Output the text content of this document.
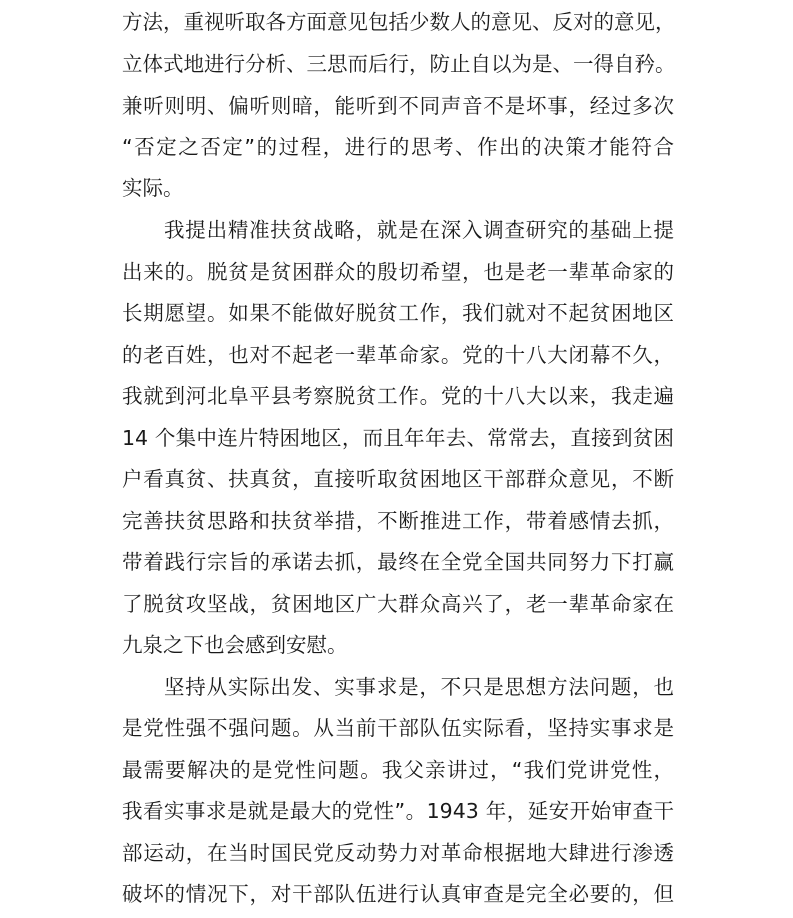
方法，重视听取各方面意见包括少数人的意见、反对的意见，
立体式地进行分析、三思而后行，防止自以为是、一得自矜。
兼听则明、偏听则暗，能听到不同声音不是坏事，经过多次
“否定之否定”的过程，进行的思考、作出的决策才能符合
实际。
我提出精准扶贫战略，就是在深入调查研究的基础上提
出来的。脱贫是贫困群众的殷切希望，也是老一辈革命家的
长期愿望。如果不能做好脱贫工作，我们就对不起贫困地区
的老百姓，也对不起老一辈革命家。党的十八大闭幕不久，
我就到河北阜平县考察脱贫工作。党的十八大以来，我走遍
14 个集中连片特困地区，而且年年去、常常去，直接到贫困
户看真贫、扶真贫，直接听取贫困地区干部群众意见，不断
完善扶贫思路和扶贫举措，不断推进工作，带着感情去抓，
带着践行宗旨的承诺去抓，最终在全党全国共同努力下打赢
了脱贫攻坚战，贫困地区广大群众高兴了，老一辈革命家在
九泉之下也会感到安慰。
坚持从实际出发、实事求是，不只是思想方法问题，也
是党性强不强问题。从当前干部队伍实际看，坚持实事求是
最需要解决的是党性问题。我父亲讲过，“我们党讲党性，
我看实事求是就是最大的党性”。1943 年，延安开始审查干
部运动，在当时国民党反动势力对革命根据地大肆进行渗透
破坏的情况下，对干部队伍进行认真审查是完全必要的，但
